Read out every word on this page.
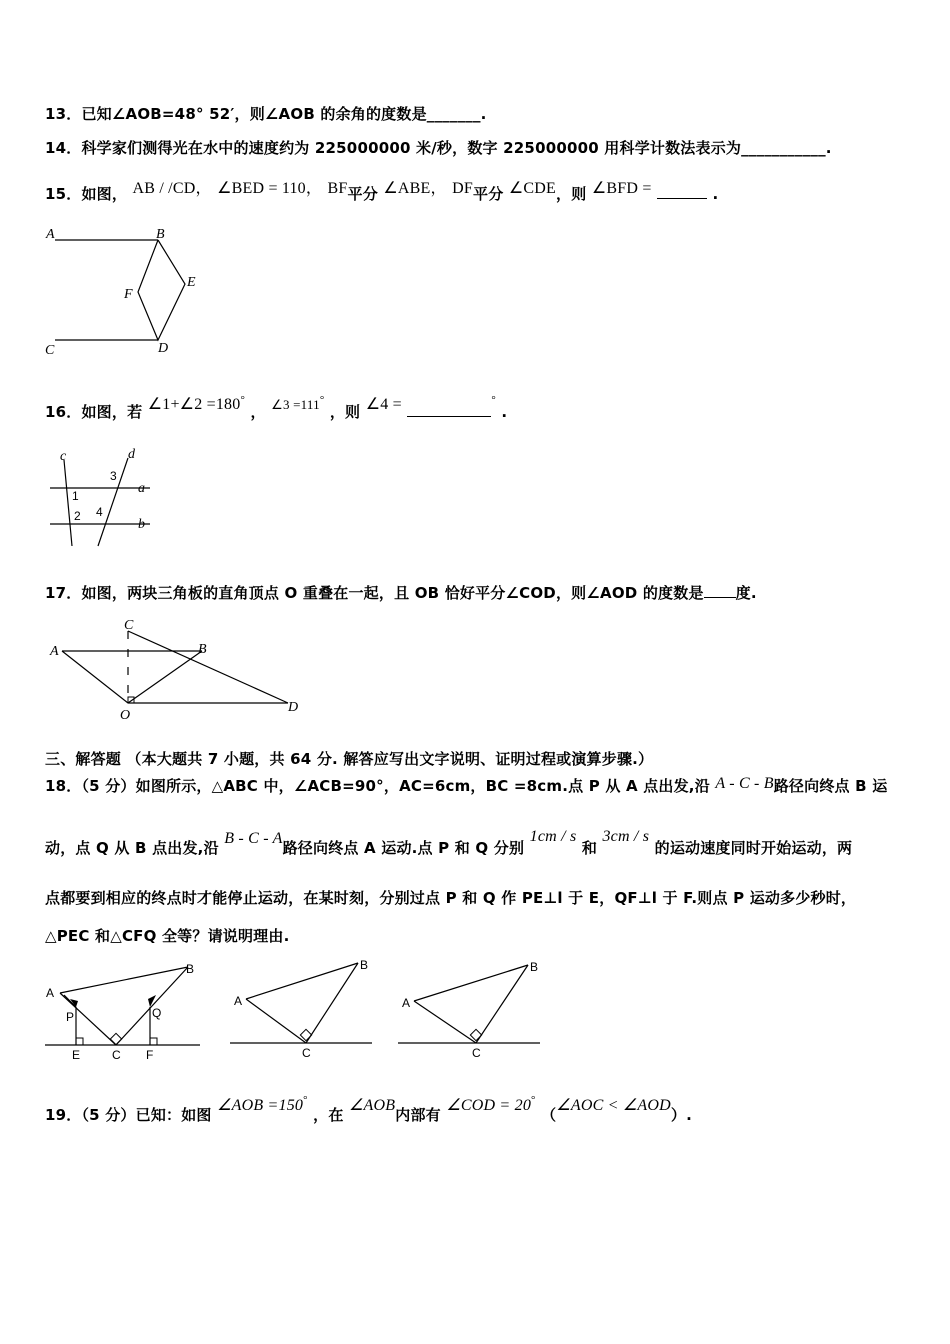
13．已知∠AOB=48° 52′，则∠AOB 的余角的度数是_______.
14．科学家们测得光在水中的速度约为 225000000 米/秒，数字 225000000 用科学计数法表示为___________.
15．如图， AB / /CD， ∠BED = 110， BF平分 ∠ABE， DF平分 ∠CDE，则 ∠BFD =	.
A	B
F
E
C	D
16．如图，若 ∠1+∠2 =180° ， ∠3 =111° ，则 ∠4 =	° .
c	d
a
b
1
2
3
4
17．如图，两块三角板的直角顶点 O 重叠在一起，且 OB 恰好平分∠COD，则∠AOD 的度数是 度.
A	B
C
D
O
三、解答题 （本大题共 7 小题，共 64 分. 解答应写出文字说明、证明过程或演算步骤.）
18．（5 分）如图所示，△ABC 中，∠ACB=90°，AC=6cm，BC =8cm.点 P 从 A 点出发,沿 A - C - B路径向终点 B 运
动，点 Q 从 B 点出发,沿 B - C - A路径向终点 A 运动.点 P 和 Q 分别 1cm / s 和 3cm / s 的运动速度同时开始运动，两
点都要到相应的终点时才能停止运动，在某时刻，分别过点 P 和 Q 作 PE⊥l 于 E，QF⊥l 于 F.则点 P 运动多少秒时，
△PEC 和△CFQ 全等？请说明理由.
A
B
P	Q
E	C F
A
B
C
A
B
C
19．（5 分）已知：如图 ∠AOB =150° ，在 ∠AOB内部有 ∠COD = 20° （∠AOC < ∠AOD）.
